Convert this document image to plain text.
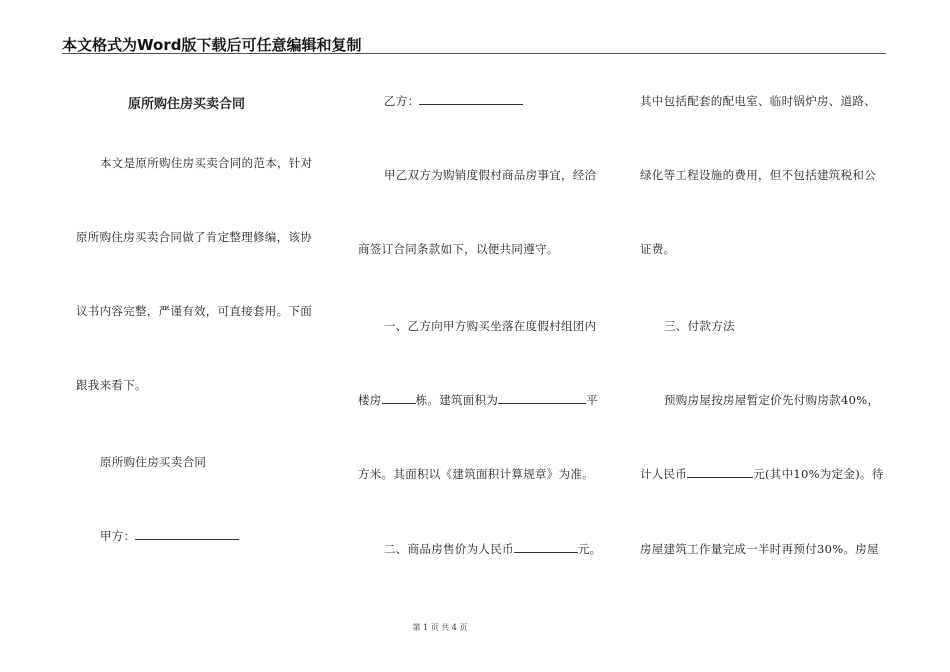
本文格式为Word版下载后可任意编辑和复制
原所购住房买卖合同
本文是原所购住房买卖合同的范本，针对
原所购住房买卖合同做了肯定整理修编，该协
议书内容完整，严谨有效，可直接套用。下面
跟我来看下。
原所购住房买卖合同
甲方：
乙方：
甲乙双方为购销度假村商品房事宜，经洽
商签订合同条款如下，以便共同遵守。
一、乙方向甲方购买坐落在度假村组团内
楼房	栋。建筑面积为	平
方米。其面积以《建筑面积计算规章》为准。
二、商品房售价为人民币	元。
其中包括配套的配电室、临时锅炉房、道路、
绿化等工程设施的费用，但不包括建筑税和公
证费。
三、付款方法
预购房屋按房屋暂定价先付购房款40%，
计人民币	元(其中10%为定金)。待
房屋建筑工作量完成一半时再预付30%。房屋
第 1 页 共 4 页
